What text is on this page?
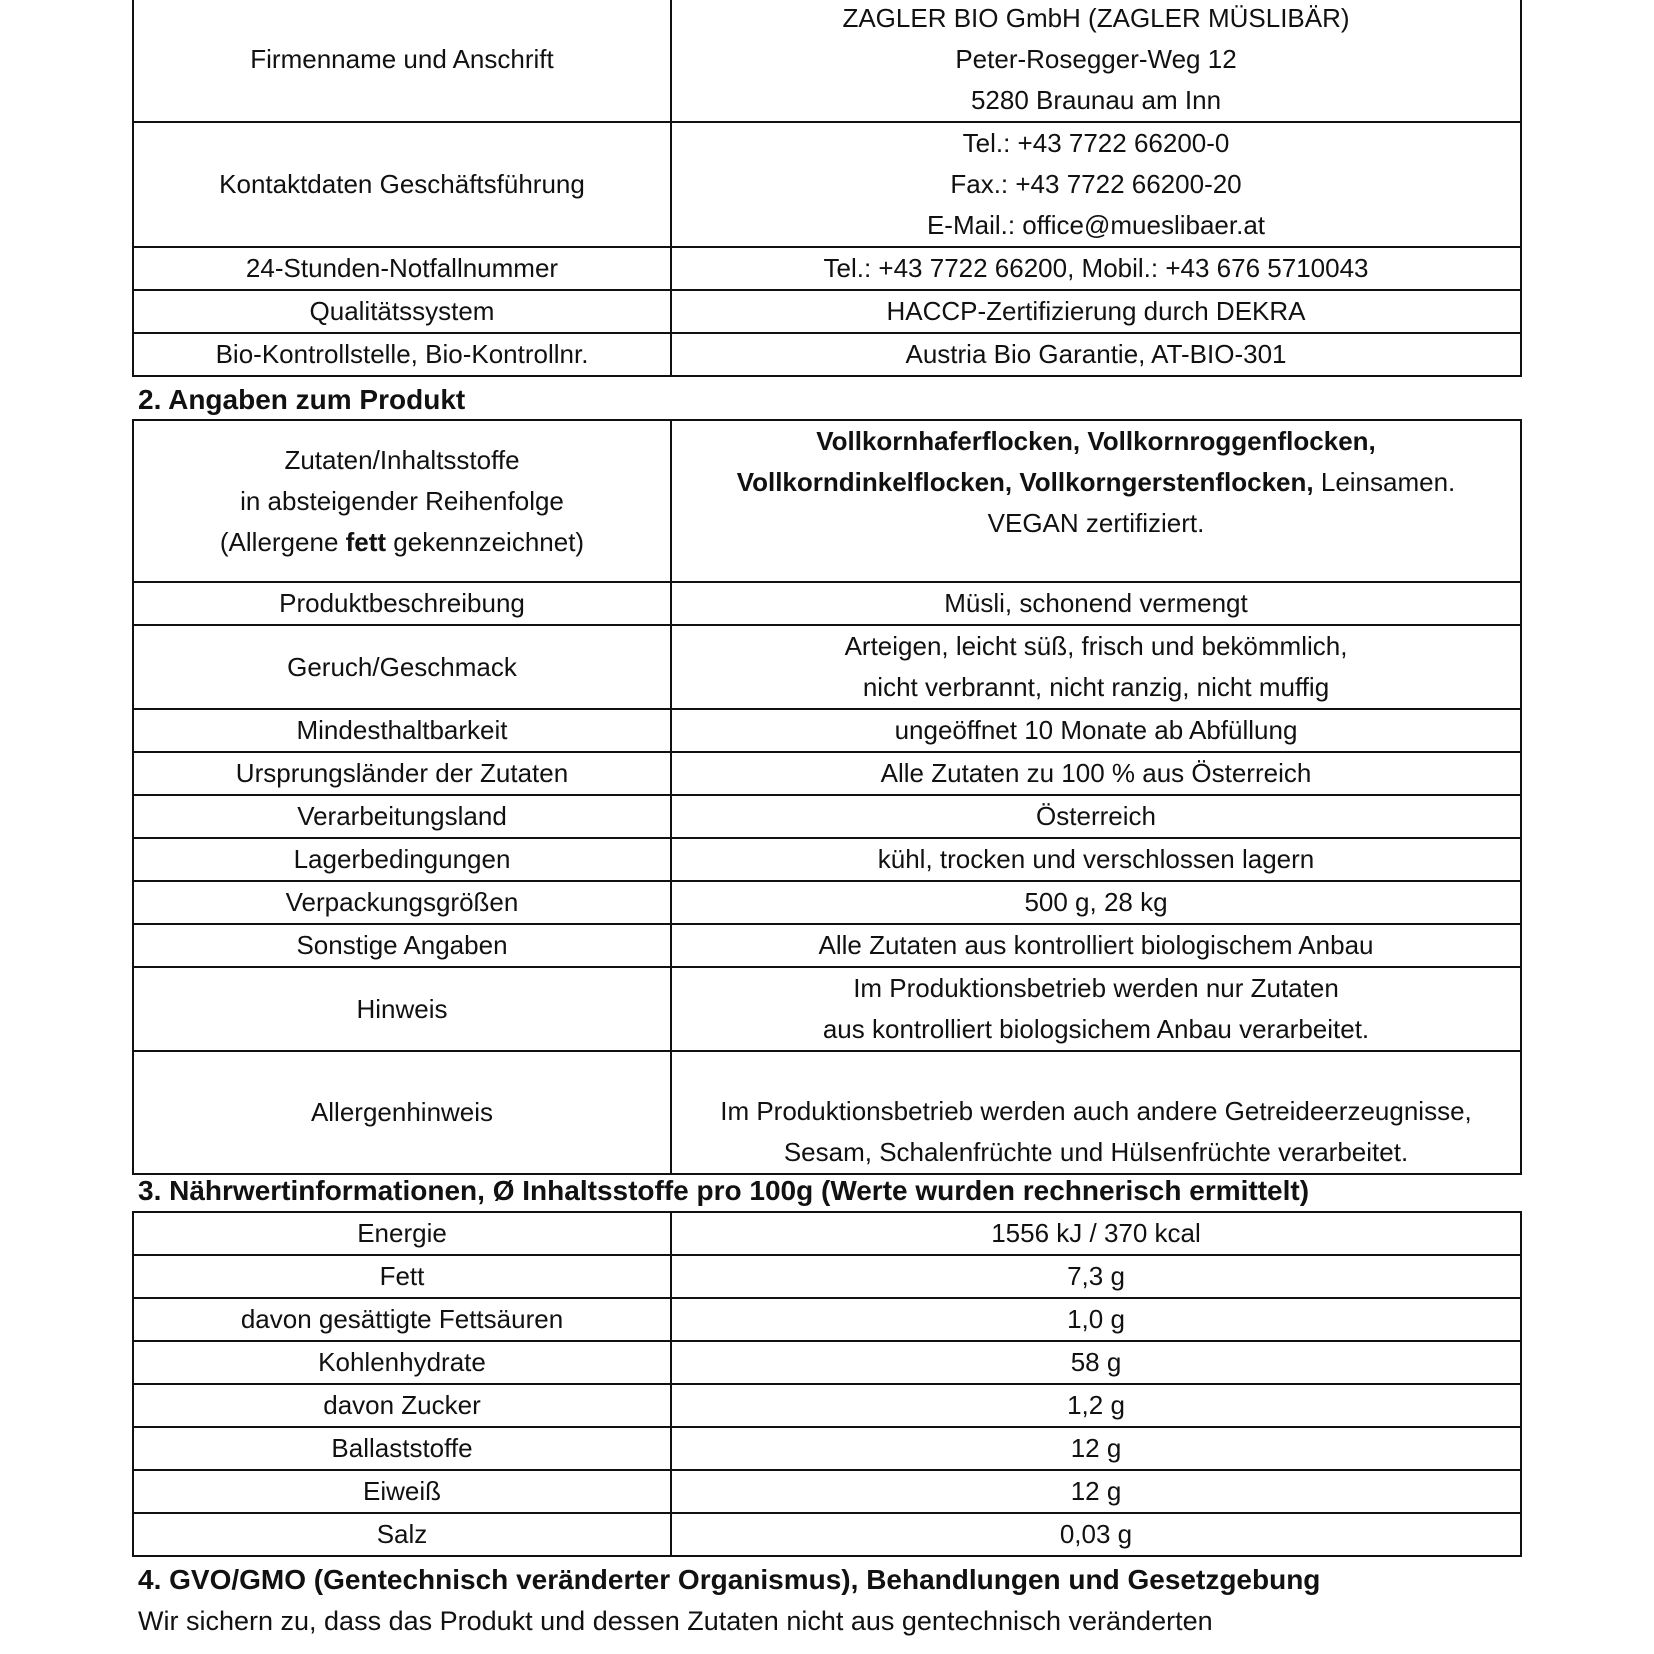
Firmenname und Anschrift	ZAGLER BIO GmbH (ZAGLER MÜSLIBÄR)
Peter-Rosegger-Weg 12
5280 Braunau am Inn

Kontaktdaten Geschäftsführung	Tel.: +43 7722 66200-0
Fax.: +43 7722 66200-20
E-Mail.: office@mueslibaer.at

24-Stunden-Notfallnummer	Tel.: +43 7722 66200, Mobil.: +43 676 5710043
Qualitätssystem	HACCP-Zertifizierung durch DEKRA
Bio-Kontrollstelle, Bio-Kontrollnr.	Austria Bio Garantie, AT-BIO-301
2. Angaben zum Produkt
Zutaten/Inhaltsstoffe
in absteigender Reihenfolge
(Allergene fett gekennzeichnet)	Vollkornhaferflocken, Vollkornroggenflocken,
Vollkorndinkelflocken, Vollkorngerstenflocken, Leinsamen.
VEGAN zertifiziert.

Produktbeschreibung	Müsli, schonend vermengt
Geruch/Geschmack	Arteigen, leicht süß, frisch und bekömmlich,
nicht verbrannt, nicht ranzig, nicht muffig

Mindesthaltbarkeit	ungeöffnet 10 Monate ab Abfüllung
Ursprungsländer der Zutaten	Alle Zutaten zu 100 % aus Österreich
Verarbeitungsland	Österreich
Lagerbedingungen	kühl, trocken und verschlossen lagern
Verpackungsgrößen	500 g, 28 kg
Sonstige Angaben	Alle Zutaten aus kontrolliert biologischem Anbau
Hinweis	Im Produktionsbetrieb werden nur Zutaten
aus kontrolliert biologsichem Anbau verarbeitet.

Allergenhinweis	Im Produktionsbetrieb werden auch andere Getreideerzeugnisse,
Sesam, Schalenfrüchte und Hülsenfrüchte verarbeitet.
3. Nährwertinformationen, Ø Inhaltsstoffe pro 100g (Werte wurden rechnerisch ermittelt)
Energie	1556 kJ / 370 kcal
Fett	7,3 g
davon gesättigte Fettsäuren	1,0 g
Kohlenhydrate	58 g
davon Zucker	1,2 g
Ballaststoffe	12 g
Eiweiß	12 g
Salz	0,03 g
4. GVO/GMO (Gentechnisch veränderter Organismus), Behandlungen und Gesetzgebung
Wir sichern zu, dass das Produkt und dessen Zutaten nicht aus gentechnisch veränderten
